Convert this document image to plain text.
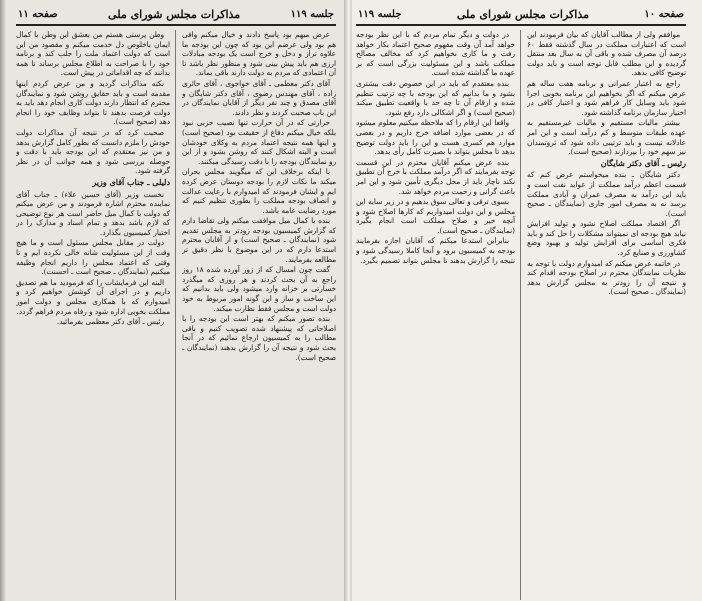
جلسه ۱۱۹
مذاکرات مجلس شورای ملی
صفحه ۱۱

عرض میهم بود پاسخ دادند و خیال میکنم وافی هم بود ولی عرضم این بود که چون این بودجه ما علاوه تراز و دخل و خرج است یک بودجه مبادلات ارزی هم باید پیش بینی شود و منظور نظر باشد تا آن اعتمادی که مردم به دولت دارند باقی بماند.

آقای دکتر معظمی ـ آقای خواجوی ، آقای حائری زاده ، آقای مهندس رضوی ، آقای دکتر شایگان و آقای مصدق و چند نفر دیگر از آقایان نمایندگان در این باب صحبت کردند و نظر دادند.

حرارتی که در آن حرارت تنها نصیب حزبی نبود بلکه خیال میکنم دفاع از حقیقت بود (صحیح است) و اینها همه نتیجه اعتماد مردم به وکلای خودشان است و البته اشکال کنند که روشن بشود و از این رو نمایندگان بودجه را با دقت رسیدگی میکنند.

با اینکه برخلاف این که میگویند مجلس بحران میکند ما نکات لازم را بودجه دوستان عرض کرده ایم و ایشان فرمودند که امیدوارم با رعایت عدالت و انصاف بودجه مملکت را بطوری تنظیم کنیم که مورد رضایت عامه باشد.

بنده با کمال میل موافقت میکنم ولی تقاضا دارم که گزارش کمیسیون بودجه زودتر به مجلس تقدیم شود (نمایندگان ـ صحیح است) و از آقایان محترم استدعا دارم که در این موضوع با نظر دقیق تر مطالعه بفرمایند.

گفت چون امسال که از زور آورده شده ۱۸ روز راجع به آن بحث کردند و هر روزی که میگذرد خسارتی بر خزانه وارد میشود ولی باید بدانیم که این ساخت و ساز و این گونه امور مربوط به خود دولت است و مجلس فقط نظارت میکند.

بنده تصور میکنم که بهتر است این بودجه را با اصلاحاتی که پیشنهاد شده تصویب کنیم و باقی مطالب را به کمیسیون ارجاع نمائیم که در آنجا بحث شود و نتیجه آن را گزارش بدهند (نمایندگان ـ صحیح است).

وطن پرستی هستم من بعشق این وطن با کمال ایمان باخلوص دل خدمت میکنم و مقصود من این است که دولت اعتماد ملت را جلب کند و برنامه خود را با صراحت به اطلاع مجلس برساند تا همه بدانند که چه اقداماتی در پیش است.

نکته مذاکرات گردید و من عرض کردم اینها مقدمه است و باید حقایق روشن شود و نمایندگان محترم که انتظار دارند دولت کاری انجام دهد باید به دولت فرصت بدهند تا بتواند وظایف خود را انجام دهد (صحیح است).

صحبت کرد که در نتیجه آن مذاکرات دولت خودش را ملزم دانست که بطور کامل گزارش بدهد و من نیز معتقدم که این بودجه باید با دقت و حوصله بررسی شود و همه جوانب آن در نظر گرفته شود.

دلیلی ـ جناب آقای وزیر

نخست وزیر (آقای حسین علاء) ـ جناب آقای نماینده محترم اشاره فرمودند و من عرض میکنم که دولت با کمال میل حاضر است هر نوع توضیحی که لازم باشد بدهد و تمام اسناد و مدارک را در اختیار کمیسیون بگذارد.

دولت در مقابل مجلس مسئول است و ما هیچ وقت از این مسئولیت شانه خالی نکرده ایم و تا وقتی که اعتماد مجلس را داریم انجام وظیفه میکنیم (نمایندگان ـ صحیح است ـ احسنت).

البته این فرمایشات را که فرمودید ما هم تصدیق داریم و در اجرای آن کوشش خواهیم کرد و امیدوارم که با همکاری مجلس و دولت امور مملکت بخوبی اداره شود و رفاه مردم فراهم گردد.

رئیس ـ آقای دکتر معظمی بفرمائید.

صفحه ۱۰
مذاکرات مجلس شورای ملی
جلسه ۱۱۹

موافقم ولی از مطالب آقایان که بیان فرمودند این است که اعتبارات مملکت در سال گذشته فقط ۶۰ درصد آن مصرف شده و باقی آن به سال بعد منتقل گردیده و این مطلب قابل توجه است و باید دولت توضیح کافی بدهد.

راجع به اعتبار عمرانی و برنامه هفت ساله هم عرض میکنم که اگر بخواهیم این برنامه بخوبی اجرا شود باید وسایل کار فراهم شود و اعتبار کافی در اختیار سازمان برنامه گذاشته شود.

بیشتر مالیات مستقیم و مالیات غیرمستقیم به عهده طبقات متوسط و کم درآمد است و این امر عادلانه نیست و باید ترتیبی داده شود که ثروتمندان نیز سهم خود را بپردازند (صحیح است).

رئیس ـ آقای دکتر شایگان

دکتر شایگان ـ بنده میخواستم عرض کنم که قسمت اعظم درآمد مملکت از عواید نفت است و باید این درآمد به مصرف عمران و آبادی مملکت برسد نه به مصرف امور جاری (نمایندگان ـ صحیح است).

اگر اقتصاد مملکت اصلاح نشود و تولید افزایش نیابد هیچ بودجه ای نمیتواند مشکلات را حل کند و باید فکری اساسی برای افزایش تولید و بهبود وضع کشاورزی و صنایع کرد.

در خاتمه عرض میکنم که امیدوارم دولت با توجه به نظریات نمایندگان محترم در اصلاح بودجه اقدام کند و نتیجه آن را زودتر به مجلس گزارش بدهد (نمایندگان ـ صحیح است).

در دولت و دیگر تمام مردم که با این نظر بودجه خواهد آمد آن وقت مفهوم صحیح اعتماد بکار خواهد رفت و ما کاری نخواهیم کرد که مخالف مصالح مملکت باشد و این مسئولیت بزرگی است که بر عهده ما گذاشته شده است.

بنده معتقدم که باید در این خصوص دقت بیشتری بشود و ما بدانیم که این بودجه با چه ترتیب تنظیم شده و ارقام آن تا چه حد با واقعیت تطبیق میکند (صحیح است) و اگر اشکالی دارد رفع شود.

واقعا این ارقام را که ملاحظه میکنیم معلوم میشود که در بعضی موارد اضافه خرج داریم و در بعضی موارد هم کسری هست و این را باید دولت توضیح بدهد تا مجلس بتواند با بصیرت کامل رأی بدهد.

بنده عرض میکنم آقایان محترم در این قسمت توجه بفرمایند که اگر درآمد مملکت با خرج آن تطبیق نکند ناچار باید از محل دیگری تأمین شود و این امر باعث گرانی و زحمت مردم خواهد شد.

بسوی ترقی و تعالی سوق بدهیم و در زیر سایه این مجلس و این دولت امیدواریم که کارها اصلاح شود و آنچه خیر و صلاح مملکت است انجام بگیرد (نمایندگان ـ صحیح است).

بنابراین استدعا میکنم که آقایان اجازه بفرمایند بودجه به کمیسیون برود و آنجا کاملا رسیدگی شود و نتیجه را گزارش بدهند تا مجلس بتواند تصمیم بگیرد.
